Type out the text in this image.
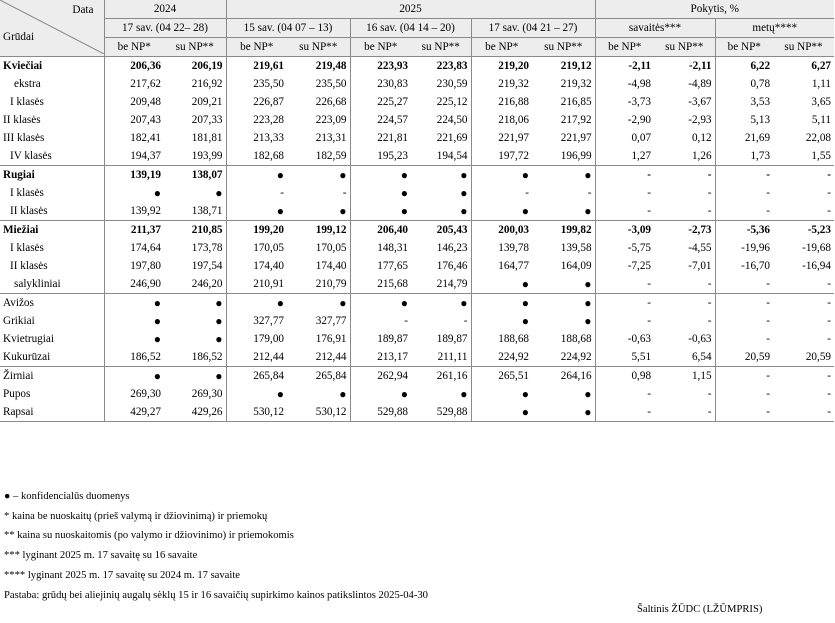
Data
Grūdai	2024		2025						Pokytis, %			
	17 sav. (04 22– 28)		15 sav. (04 07 – 13)		16 sav. (04 14 – 20)		17 sav. (04 21 – 27)		savaitės***		metų****	
	be NP*	su NP**	be NP*	su NP**	be NP*	su NP**	be NP*	su NP**	be NP*	su NP**	be NP*	su NP**
Kviečiai	206,36	206,19	219,61	219,48	223,93	223,83	219,20	219,12	-2,11	-2,11	6,22	6,27
ekstra	217,62	216,92	235,50	235,50	230,83	230,59	219,32	219,32	-4,98	-4,89	0,78	1,11
I klasės	209,48	209,21	226,87	226,68	225,27	225,12	216,88	216,85	-3,73	-3,67	3,53	3,65
II klasės	207,43	207,33	223,28	223,09	224,57	224,50	218,06	217,92	-2,90	-2,93	5,13	5,11
III klasės	182,41	181,81	213,33	213,31	221,81	221,69	221,97	221,97	0,07	0,12	21,69	22,08
IV klasės	194,37	193,99	182,68	182,59	195,23	194,54	197,72	196,99	1,27	1,26	1,73	1,55
Rugiai	139,19	138,07	●	●	●	●	●	●	-	-	-	-
I klasės	●	●	-	-	●	●	-	-	-	-	-	-
II klasės	139,92	138,71	●	●	●	●	●	●	-	-	-	-
Miežiai	211,37	210,85	199,20	199,12	206,40	205,43	200,03	199,82	-3,09	-2,73	-5,36	-5,23
I klasės	174,64	173,78	170,05	170,05	148,31	146,23	139,78	139,58	-5,75	-4,55	-19,96	-19,68
II klasės	197,80	197,54	174,40	174,40	177,65	176,46	164,77	164,09	-7,25	-7,01	-16,70	-16,94
salykliniai	246,90	246,20	210,91	210,79	215,68	214,79	●	●	-	-	-	-
Avižos	●	●	●	●	●	●	●	●	-	-	-	-
Grikiai	●	●	327,77	327,77	-	-	●	●	-	-	-	-
Kvietrugiai	●	●	179,00	176,91	189,87	189,87	188,68	188,68	-0,63	-0,63	-	-
Kukurūzai	186,52	186,52	212,44	212,44	213,17	211,11	224,92	224,92	5,51	6,54	20,59	20,59
Žirniai	●	●	265,84	265,84	262,94	261,16	265,51	264,16	0,98	1,15	-	-
Pupos	269,30	269,30	●	●	●	●	●	●	-	-	-	-
Rapsai	429,27	429,26	530,12	530,12	529,88	529,88	●	●	-	-	-	-
● – konfidencialūs duomenys
* kaina be nuoskaitų (prieš valymą ir džiovinimą) ir priemokų
** kaina su nuoskaitomis (po valymo ir džiovinimo) ir priemokomis
*** lyginant 2025 m. 17 savaitę su 16 savaite
**** lyginant 2025 m. 17 savaitę su 2024 m. 17 savaite
Pastaba: grūdų bei aliejinių augalų sėklų 15 ir 16 savaičių supirkimo kainos patikslintos 2025-04-30
Šaltinis ŽŪDC (LŽŪMPRIS)
